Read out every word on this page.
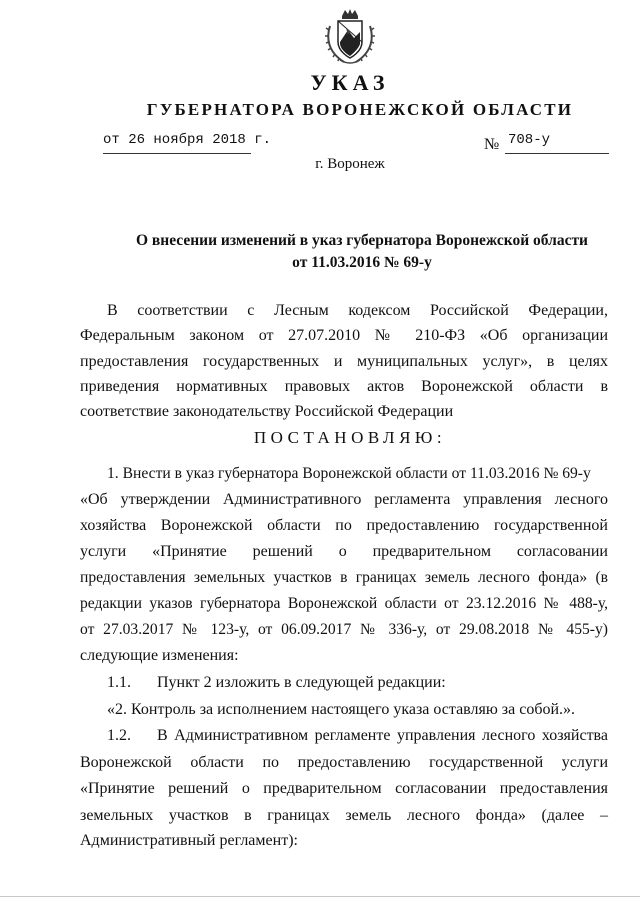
УКАЗ
ГУБЕРНАТОРА ВОРОНЕЖСКОЙ ОБЛАСТИ
от 26 ноября 2018 г.	№ 708-у
г. Воронеж
О внесении изменений в указ губернатора Воронежской области
от 11.03.2016 № 69-у
В соответствии с Лесным кодексом Российской Федерации,
Федеральным законом от 27.07.2010 № 210-ФЗ «Об организации
предоставления государственных и муниципальных услуг», в целях
приведения нормативных правовых актов Воронежской области в
соответствие законодательству Российской Федерации
ПОСТАНОВЛЯЮ:
1. Внести в указ губернатора Воронежской области от 11.03.2016 № 69-у
«Об утверждении Административного регламента управления лесного
хозяйства Воронежской области по предоставлению государственной
услуги «Принятие решений о предварительном согласовании
предоставления земельных участков в границах земель лесного фонда» (в
редакции указов губернатора Воронежской области от 23.12.2016 № 488-у,
от 27.03.2017 № 123-у, от 06.09.2017 № 336-у, от 29.08.2018 № 455-у)
следующие изменения:
1.1.	Пункт 2 изложить в следующей редакции:
«2. Контроль за исполнением настоящего указа оставляю за собой.».
1.2.	В Административном регламенте управления лесного хозяйства
Воронежской области по предоставлению государственной услуги
«Принятие решений о предварительном согласовании предоставления
земельных участков в границах земель лесного фонда» (далее –
Административный регламент):
